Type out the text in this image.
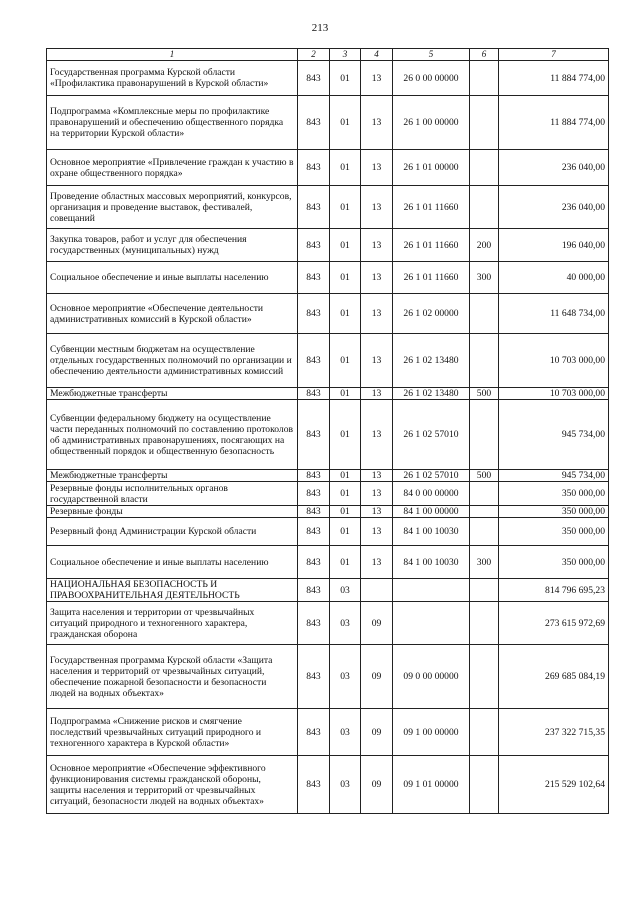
213
1	2	3	4	5	6	7
Государственная программа Курской области «Профилактика правонарушений в Курской области»	843	01	13	26 0 00 00000		11 884 774,00
Подпрограмма «Комплексные меры по профилактике правонарушений и обеспечению общественного порядка на территории Курской области»	843	01	13	26 1 00 00000		11 884 774,00
Основное мероприятие «Привлечение граждан к участию в охране общественного порядка»	843	01	13	26 1 01 00000		236 040,00
Проведение областных массовых мероприятий, конкурсов, организация и проведение выставок, фестивалей, совещаний	843	01	13	26 1 01 11660		236 040,00
Закупка товаров, работ и услуг для обеспечения государственных (муниципальных) нужд	843	01	13	26 1 01 11660	200	196 040,00
Социальное обеспечение и иные выплаты населению	843	01	13	26 1 01 11660	300	40 000,00
Основное мероприятие «Обеспечение деятельности административных комиссий в Курской области»	843	01	13	26 1 02 00000		11 648 734,00
Субвенции местным бюджетам на осуществление отдельных государственных полномочий по организации и обеспечению деятельности административных комиссий	843	01	13	26 1 02 13480		10 703 000,00
Межбюджетные трансферты	843	01	13	26 1 02 13480	500	10 703 000,00
Субвенции федеральному бюджету на осуществление части переданных полномочий по составлению протоколов об административных правонарушениях, посягающих на общественный порядок и общественную безопасность	843	01	13	26 1 02 57010		945 734,00
Межбюджетные трансферты	843	01	13	26 1 02 57010	500	945 734,00
Резервные фонды исполнительных органов государственной власти	843	01	13	84 0 00 00000		350 000,00
Резервные фонды	843	01	13	84 1 00 00000		350 000,00
Резервный фонд Администрации Курской области	843	01	13	84 1 00 10030		350 000,00
Социальное обеспечение и иные выплаты населению	843	01	13	84 1 00 10030	300	350 000,00
НАЦИОНАЛЬНАЯ БЕЗОПАСНОСТЬ И ПРАВООХРАНИТЕЛЬНАЯ ДЕЯТЕЛЬНОСТЬ	843	03				814 796 695,23
Защита населения и территории от чрезвычайных ситуаций природного и техногенного характера, гражданская оборона	843	03	09			273 615 972,69
Государственная программа Курской области «Защита населения и территорий от чрезвычайных ситуаций, обеспечение пожарной безопасности и безопасности людей на водных объектах»	843	03	09	09 0 00 00000		269 685 084,19
Подпрограмма «Снижение рисков и смягчение последствий чрезвычайных ситуаций природного и техногенного характера в Курской области»	843	03	09	09 1 00 00000		237 322 715,35
Основное мероприятие «Обеспечение эффективного функционирования системы гражданской обороны, защиты населения и территорий от чрезвычайных ситуаций, безопасности людей на водных объектах»	843	03	09	09 1 01 00000		215 529 102,64
